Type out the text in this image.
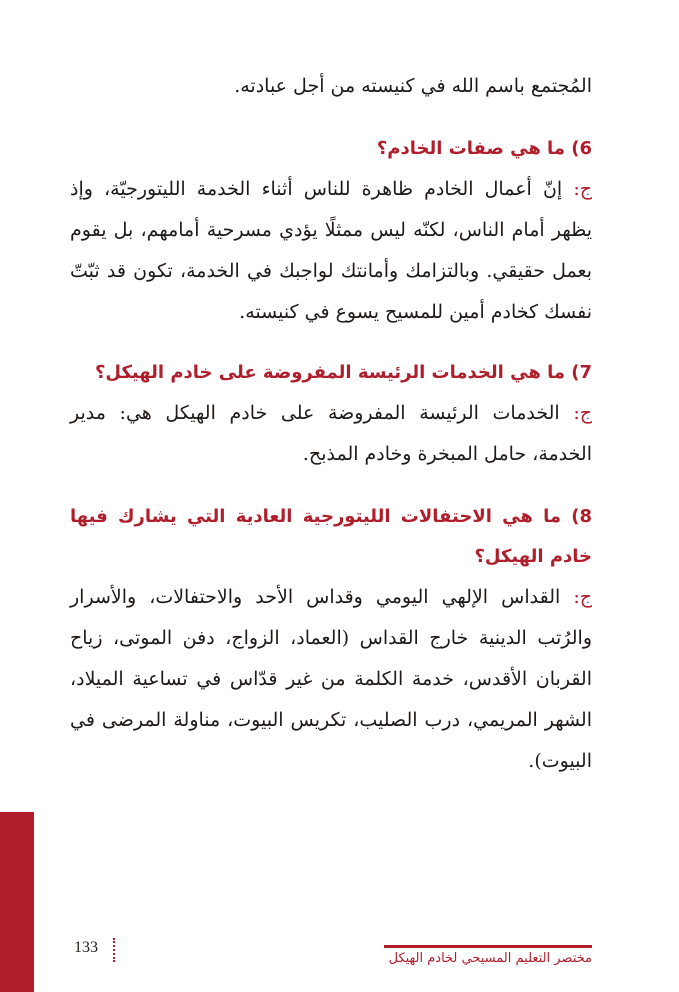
المُجتمع باسم الله في كنيسته من أجل عبادته.

6) ما هي صفات الخادم؟

ج: إنّ أعمال الخادم ظاهرة للناس أثناء الخدمة الليتورجيّة، وإذ يظهر أمام الناس، لكنّه ليس ممثلًا يؤدي مسرحية أمامهم، بل يقوم بعمل حقيقي. وبالتزامك وأمانتك لواجبك في الخدمة، تكون قد ثبّتّ نفسك كخادم أمين للمسيح يسوع في كنيسته.

7) ما هي الخدمات الرئيسة المفروضة على خادم الهيكل؟

ج: الخدمات الرئيسة المفروضة على خادم الهيكل هي: مدير الخدمة، حامل المبخرة وخادم المذبح.

8) ما هي الاحتفالات الليتورجية العادية التي يشارك فيها خادم الهيكل؟

ج: القداس الإلهي اليومي وقداس الأحد والاحتفالات، والأسرار والرُتب الدينية خارج القداس (العماد، الزواج، دفن الموتى، زياح القربان الأقدس، خدمة الكلمة من غير قدّاس في تساعية الميلاد، الشهر المريمي، درب الصليب، تكريس البيوت، مناولة المرضى في البيوت).

مختصر التعليم المسيحي لخادم الهيكل
133
